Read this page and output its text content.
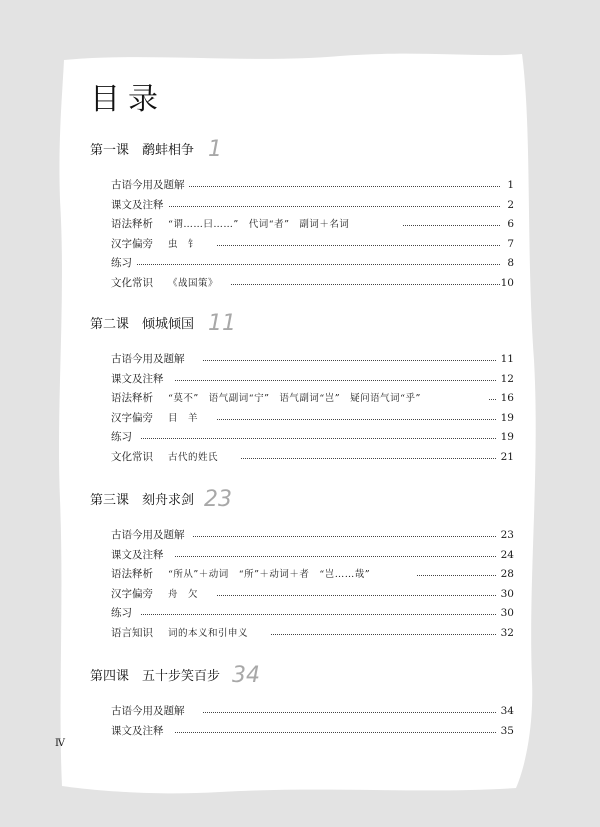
目录
第一课 鹬蚌相争 1
古语今用及题解	1
课文及注释	2
语法释析 “谓……曰……”　代词“者”　副词＋名词	6
汉字偏旁 虫　钅	7
练习	8
文化常识 《战国策》	10
第二课 倾城倾国 11
古语今用及题解	11
课文及注释	12
语法释析 “莫不”　语气副词“宁”　语气副词“岂”　疑问语气词“乎”	16
汉字偏旁 目　羊	19
练习	19
文化常识 古代的姓氏	21
第三课 刻舟求剑 23
古语今用及题解	23
课文及注释	24
语法释析 “所从”＋动词　“所”＋动词＋者　“岂……哉”	28
汉字偏旁 舟　欠	30
练习	30
语言知识 词的本义和引申义	32
第四课 五十步笑百步 34
古语今用及题解	34
课文及注释	35
Ⅳ
